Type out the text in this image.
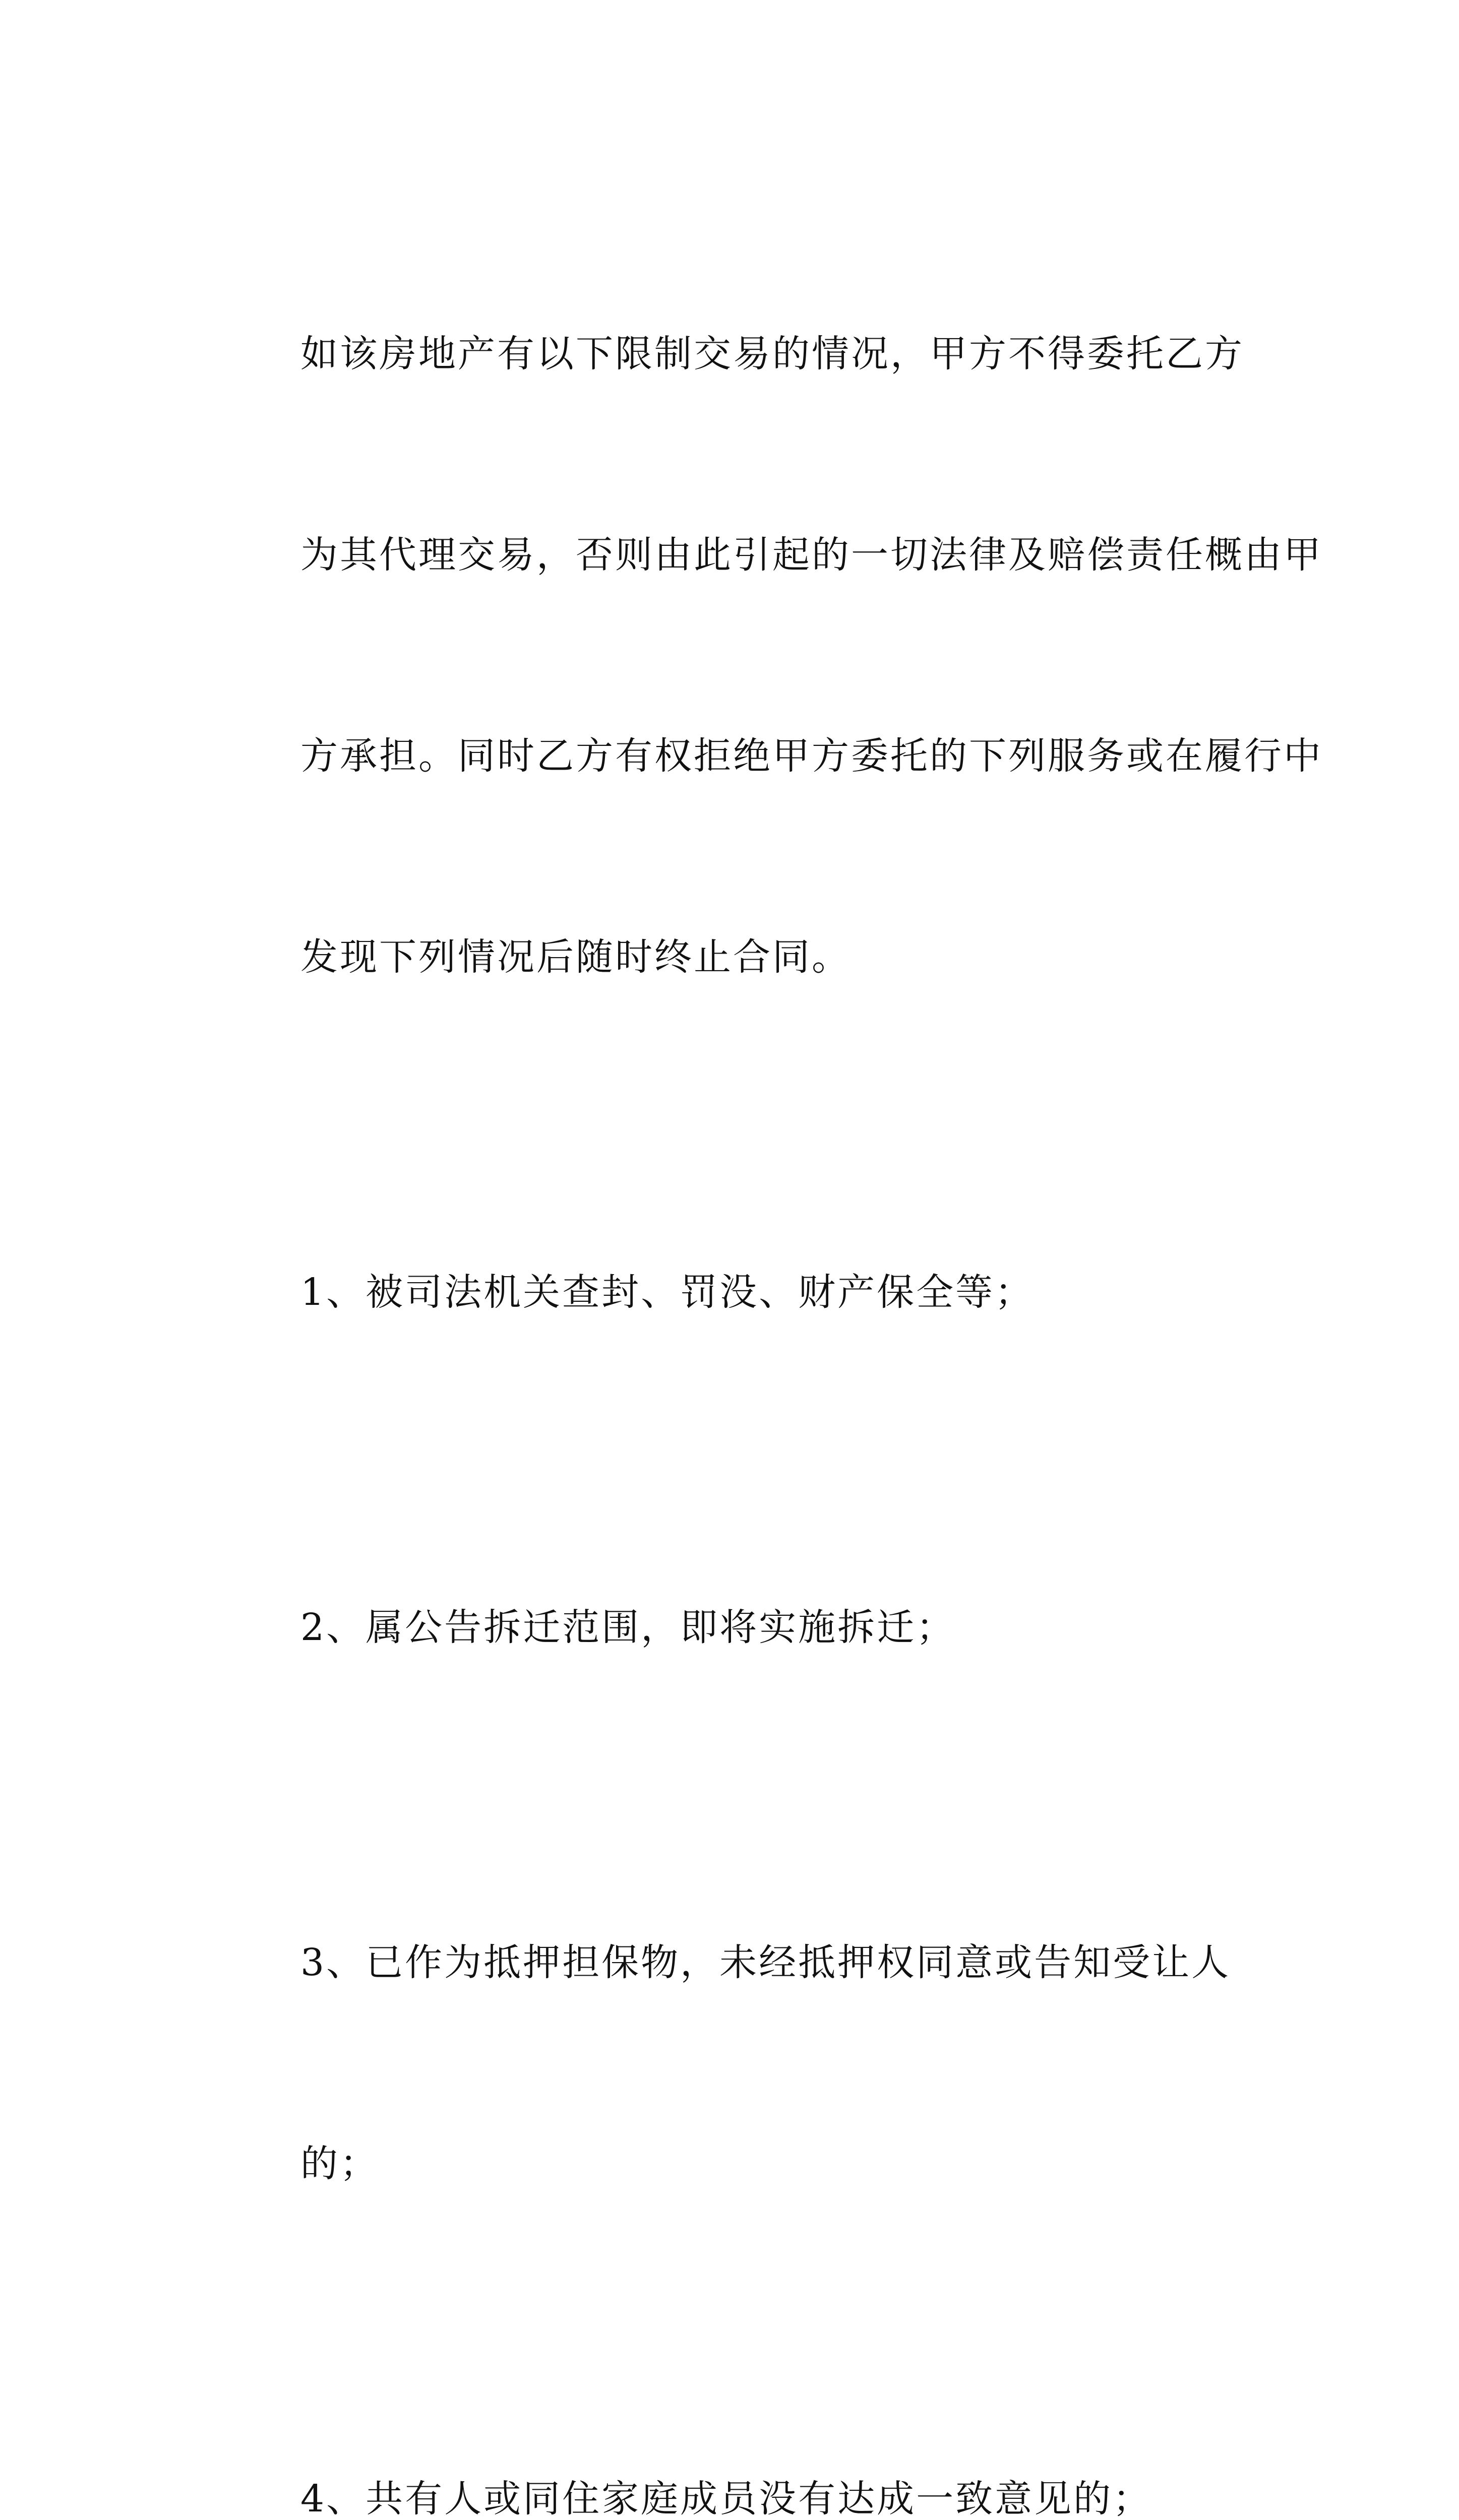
如该房地产有以下限制交易的情况，甲方不得委托乙方

为其代理交易，否则由此引起的一切法律及赔偿责任概由甲

方承担。同时乙方有权拒绝甲方委托的下列服务或在履行中

发现下列情况后随时终止合同。

1、被司法机关查封、罚没、财产保全等；

2、属公告拆迁范围，即将实施拆迁；

3、已作为抵押担保物，未经抵押权同意或告知受让人

的；

4、共有人或同住家庭成员没有达成一致意见的；
